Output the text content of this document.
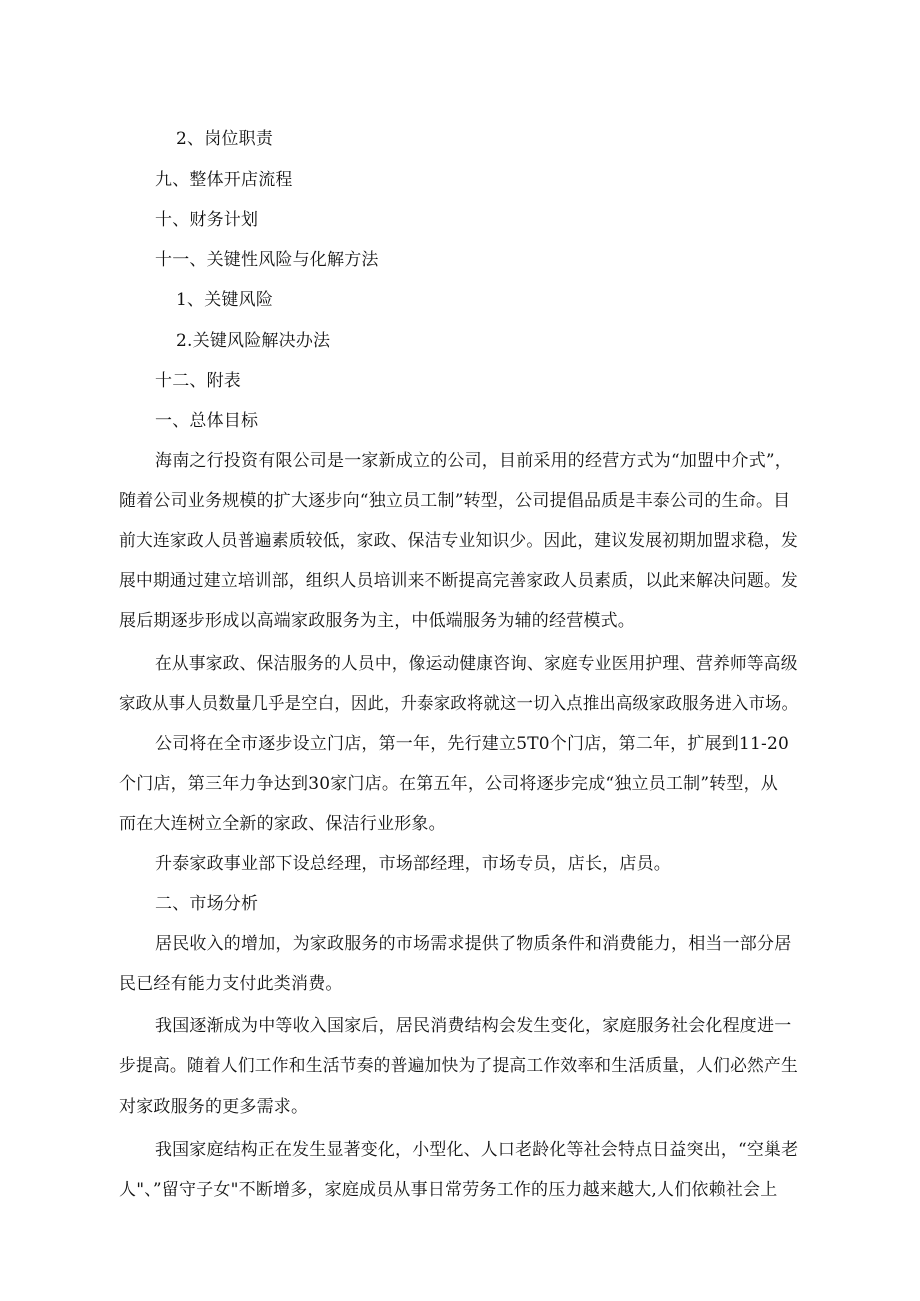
2、岗位职责
九、整体开店流程
十、财务计划
十一、关键性风险与化解方法
1、关键风险
2.关键风险解决办法
十二、附表
一、总体目标
海南之行投资有限公司是一家新成立的公司，目前采用的经营方式为“加盟中介式”，
随着公司业务规模的扩大逐步向“独立员工制”转型，公司提倡品质是丰泰公司的生命。目
前大连家政人员普遍素质较低，家政、保洁专业知识少。因此，建议发展初期加盟求稳，发
展中期通过建立培训部，组织人员培训来不断提高完善家政人员素质，以此来解决问题。发
展后期逐步形成以高端家政服务为主，中低端服务为辅的经营模式。
在从事家政、保洁服务的人员中，像运动健康咨询、家庭专业医用护理、营养师等高级
家政从事人员数量几乎是空白，因此，升泰家政将就这一切入点推出高级家政服务进入市场。
公司将在全市逐步设立门店，第一年，先行建立5T0个门店，第二年，扩展到11-20
个门店，第三年力争达到30家门店。在第五年，公司将逐步完成“独立员工制”转型，从
而在大连树立全新的家政、保洁行业形象。
升泰家政事业部下设总经理，市场部经理，市场专员，店长，店员。
二、市场分析
居民收入的增加，为家政服务的市场需求提供了物质条件和消费能力，相当一部分居
民已经有能力支付此类消费。
我国逐渐成为中等收入国家后，居民消费结构会发生变化，家庭服务社会化程度进一
步提高。随着人们工作和生活节奏的普遍加快为了提高工作效率和生活质量，人们必然产生
对家政服务的更多需求。
我国家庭结构正在发生显著变化，小型化、人口老龄化等社会特点日益突出，“空巢老
人"、”留守子女"不断增多，家庭成员从事日常劳务工作的压力越来越大,人们依赖社会上
